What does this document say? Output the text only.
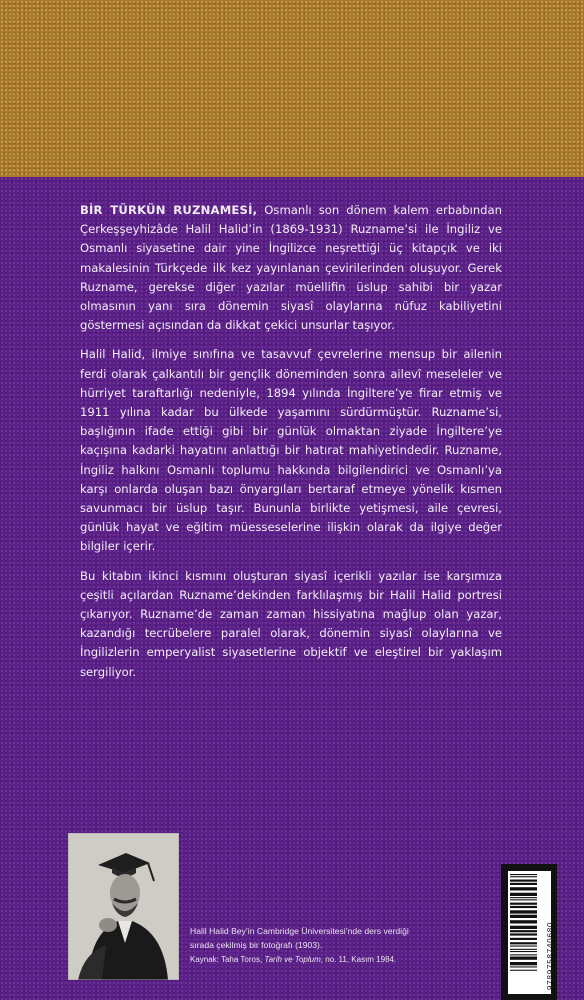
BİR TÜRKÜN RUZNAMESİ, Osmanlı son dönem kalem erbabından Çerkeşşeyhizâde Halil Halid’in (1869-1931) Ruzname’si ile İngiliz ve Osmanlı siyasetine dair yine İngilizce neşrettiği üç kitapçık ve iki makalesinin Türkçede ilk kez yayınlanan çevirilerinden oluşuyor. Gerek Ruzname, gerekse diğer yazılar müellifin üslup sahibi bir yazar olmasının yanı sıra dönemin siyasî olaylarına nüfuz kabiliyetini göstermesi açısından da dikkat çekici unsurlar taşıyor.

Halil Halid, ilmiye sınıfına ve tasavvuf çevrelerine mensup bir ailenin ferdi olarak çalkantılı bir gençlik döneminden sonra ailevî meseleler ve hürriyet taraftarlığı nedeniyle, 1894 yılında İngiltere’ye firar etmiş ve 1911 yılına kadar bu ülkede yaşamını sürdürmüştür. Ruzname’si, başlığının ifade ettiği gibi bir günlük olmaktan ziyade İngiltere’ye kaçışına kadarki hayatını anlattığı bir hatırat mahiyetindedir. Ruzname, İngiliz halkını Osmanlı toplumu hakkında bilgilendirici ve Osmanlı’ya karşı onlarda oluşan bazı önyargıları bertaraf etmeye yönelik kısmen savunmacı bir üslup taşır. Bununla birlikte yetişmesi, aile çevresi, günlük hayat ve eğitim müesseselerine ilişkin olarak da ilgiye değer bilgiler içerir.

Bu kitabın ikinci kısmını oluşturan siyasî içerikli yazılar ise karşımıza çeşitli açılardan Ruzname’dekinden farklılaşmış bir Halil Halid portresi çıkarıyor. Ruzname’de zaman zaman hissiyatına mağlup olan yazar, kazandığı tecrübelere paralel olarak, dönemin siyasî olaylarına ve İngilizlerin emperyalist siyasetlerine objektif ve eleştirel bir yaklaşım sergiliyor.

Halil Halid Bey’in Cambridge Üniversitesi’nde ders verdiği
sırada çekilmiş bir fotoğrafı (1903).
Kaynak: Taha Toros, Tarih ve Toplum, no. 11, Kasım 1984.	9789758740680
